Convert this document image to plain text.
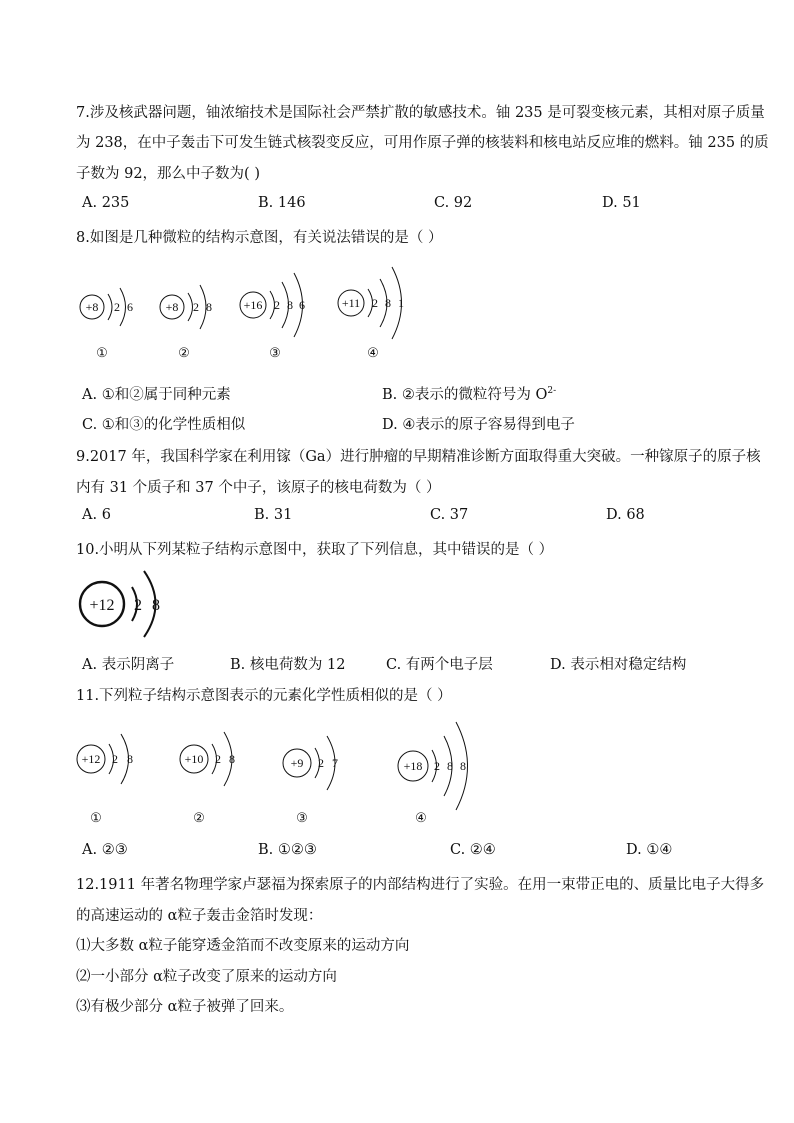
7.涉及核武器问题，铀浓缩技术是国际社会严禁扩散的敏感技术。铀 235 是可裂变核元素，其相对原子质量
为 238，在中子轰击下可发生链式核裂变反应，可用作原子弹的核装料和核电站反应堆的燃料。铀 235 的质
子数为 92，那么中子数为( )
A. 235	B. 146	C. 92	D. 51
8.如图是几种微粒的结构示意图，有关说法错误的是（ ）
+8 2 6
①
+8 2 8
②
+16 2 8 6
③
+11 2 8 1
④
A. ①和②属于同种元素	B. ②表示的微粒符号为 $O^{2-}$
C. ①和③的化学性质相似	D. ④表示的原子容易得到电子
9.2017 年，我国科学家在利用镓（Ga）进行肿瘤的早期精准诊断方面取得重大突破。一种镓原子的原子核
内有 31 个质子和 37 个中子，该原子的核电荷数为（ ）
A. 6	B. 31	C. 37	D. 68
10.小明从下列某粒子结构示意图中，获取了下列信息，其中错误的是（ ）
+12 2 8
A. 表示阴离子	B. 核电荷数为 12	C. 有两个电子层	D. 表示相对稳定结构
11.下列粒子结构示意图表示的元素化学性质相似的是（ ）
+12 2 8
①
+10 2 8
②
+9 2 7
③
+18 2 8 8
④
A. ②③	B. ①②③	C. ②④	D. ①④
12.1911 年著名物理学家卢瑟福为探索原子的内部结构进行了实验。在用一束带正电的、质量比电子大得多
的高速运动的 α粒子轰击金箔时发现：
⑴大多数 α粒子能穿透金箔而不改变原来的运动方向
⑵一小部分 α粒子改变了原来的运动方向
⑶有极少部分 α粒子被弹了回来。
